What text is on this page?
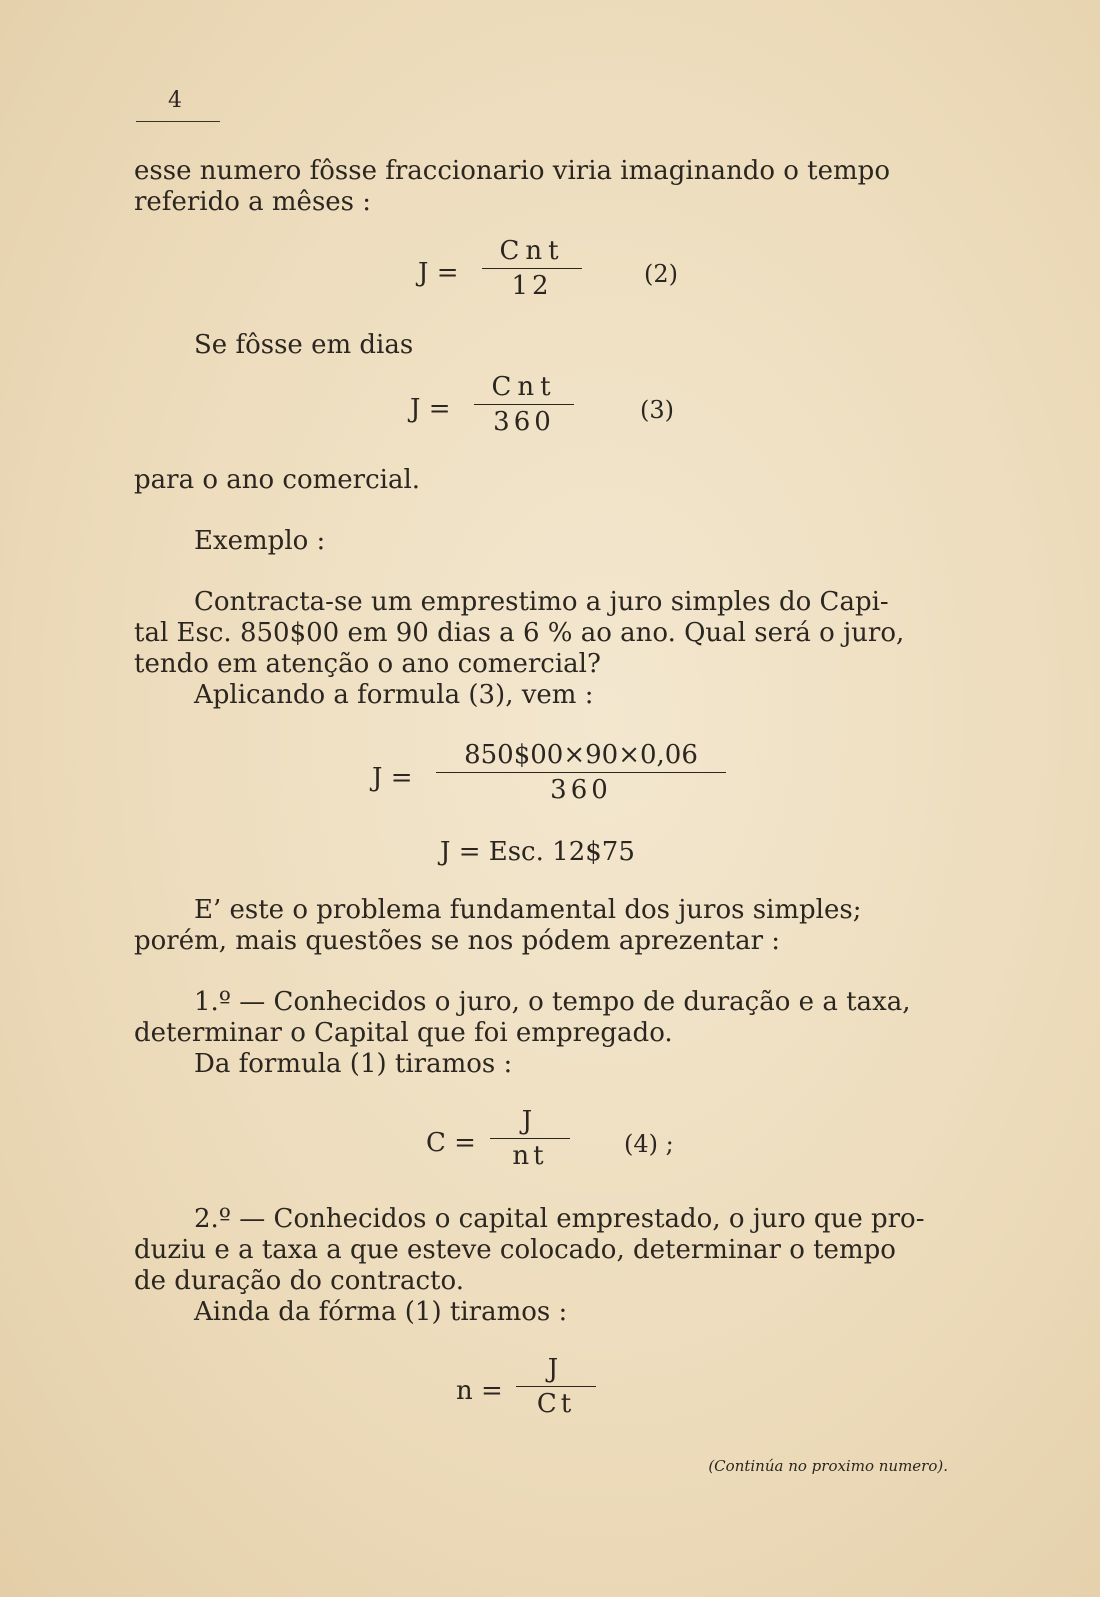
4
esse numero fôsse fraccionario viria imaginando o tempo
referido a mêses :
J =
Cnt
12	(2)
Se fôsse em dias
J =
Cnt
360	(3)
para o ano comercial.
Exemplo :
Contracta-se um emprestimo a juro simples do Capi-
tal Esc. 850$00 em 90 dias a 6 % ao ano. Qual será o juro,
tendo em atenção o ano comercial?
Aplicando a formula (3), vem :
J =
850$00×90×0,06
360
J = Esc. 12$75
E’ este o problema fundamental dos juros simples;
porém, mais questões se nos pódem aprezentar :
1.º — Conhecidos o juro, o tempo de duração e a taxa,
determinar o Capital que foi empregado.
Da formula (1) tiramos :
C =
J
nt	(4) ;
2.º — Conhecidos o capital emprestado, o juro que pro-
duziu e a taxa a que esteve colocado, determinar o tempo
de duração do contracto.
Ainda da fórma (1) tiramos :
n =
J
Ct
(Continúa no proximo numero).
